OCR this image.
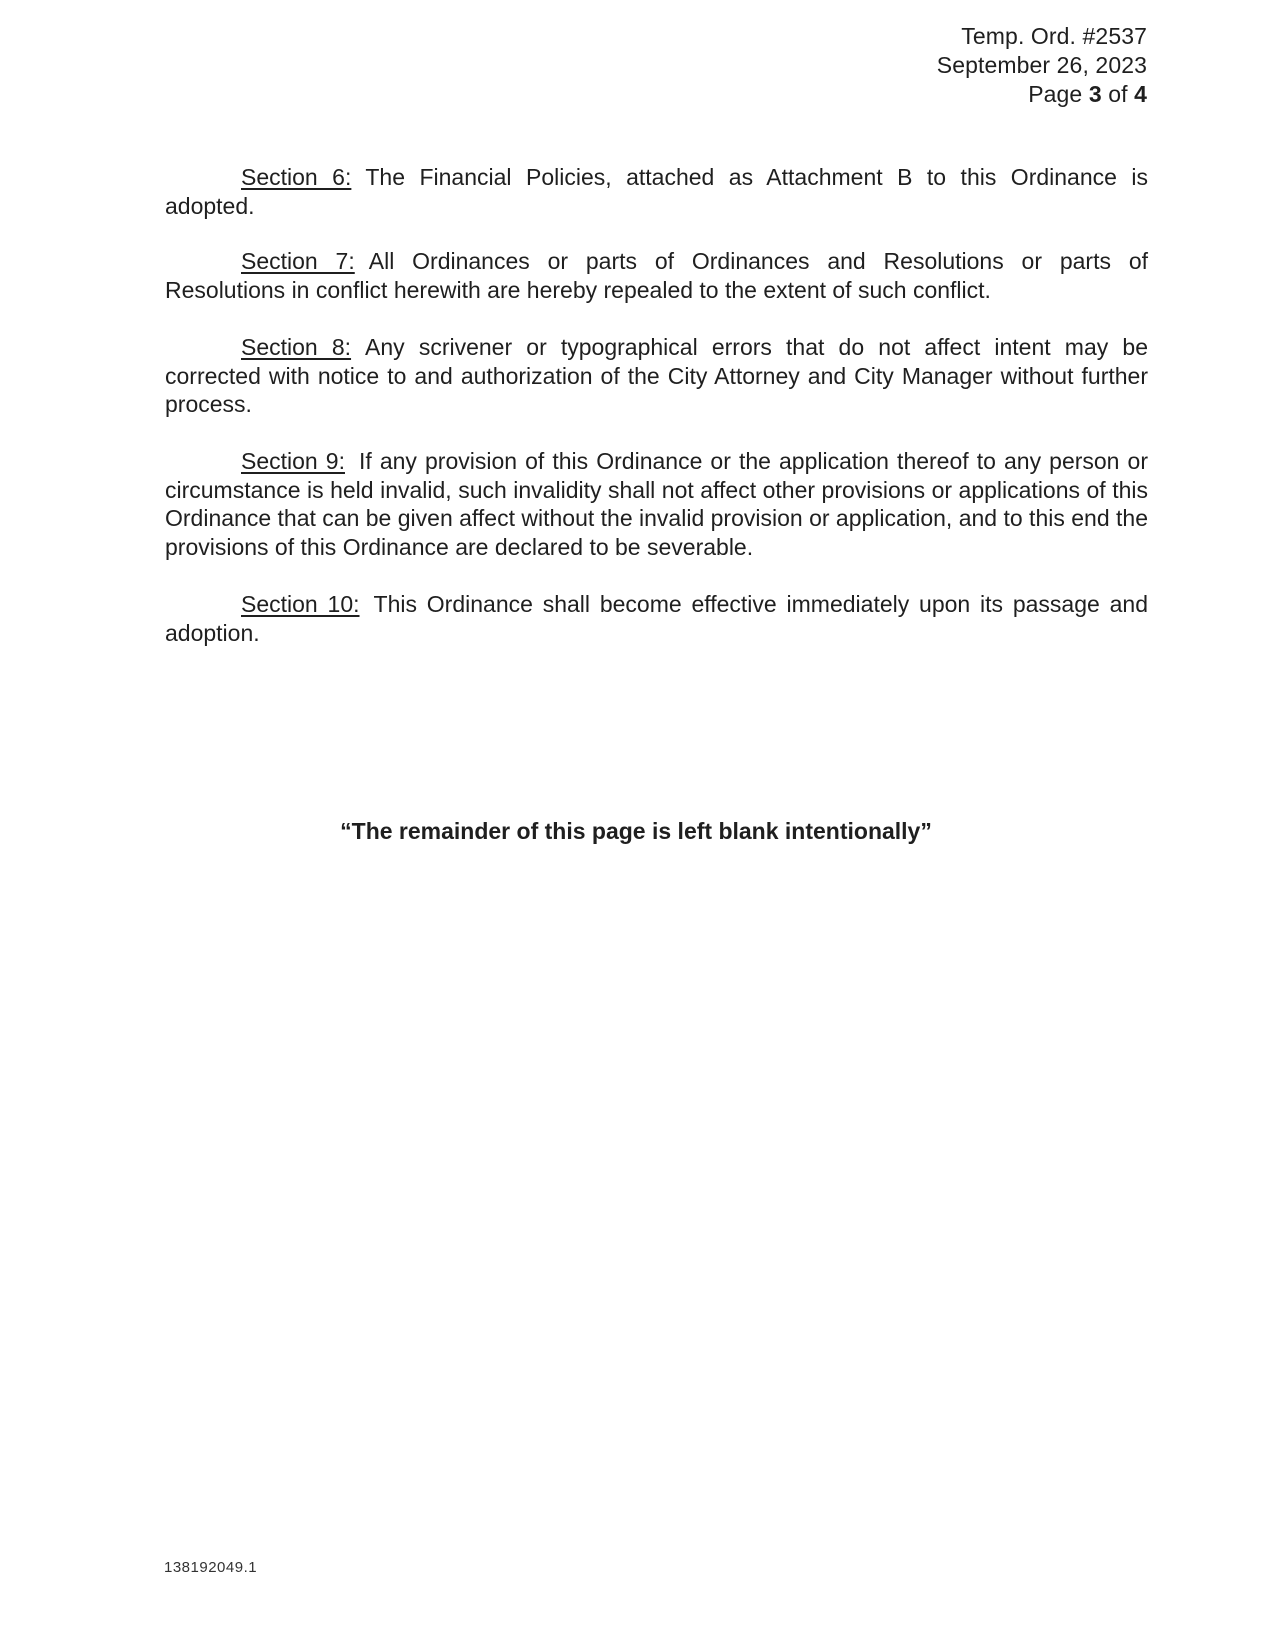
Temp. Ord. #2537
September 26, 2023
Page 3 of 4

Section 6: The Financial Policies, attached as Attachment B to this Ordinance is adopted.

Section 7: All Ordinances or parts of Ordinances and Resolutions or parts of Resolutions in conflict herewith are hereby repealed to the extent of such conflict.

Section 8: Any scrivener or typographical errors that do not affect intent may be corrected with notice to and authorization of the City Attorney and City Manager without further process.

Section 9: If any provision of this Ordinance or the application thereof to any person or circumstance is held invalid, such invalidity shall not affect other provisions or applications of this Ordinance that can be given affect without the invalid provision or application, and to this end the provisions of this Ordinance are declared to be severable.

Section 10: This Ordinance shall become effective immediately upon its passage and adoption.

“The remainder of this page is left blank intentionally”
138192049.1
